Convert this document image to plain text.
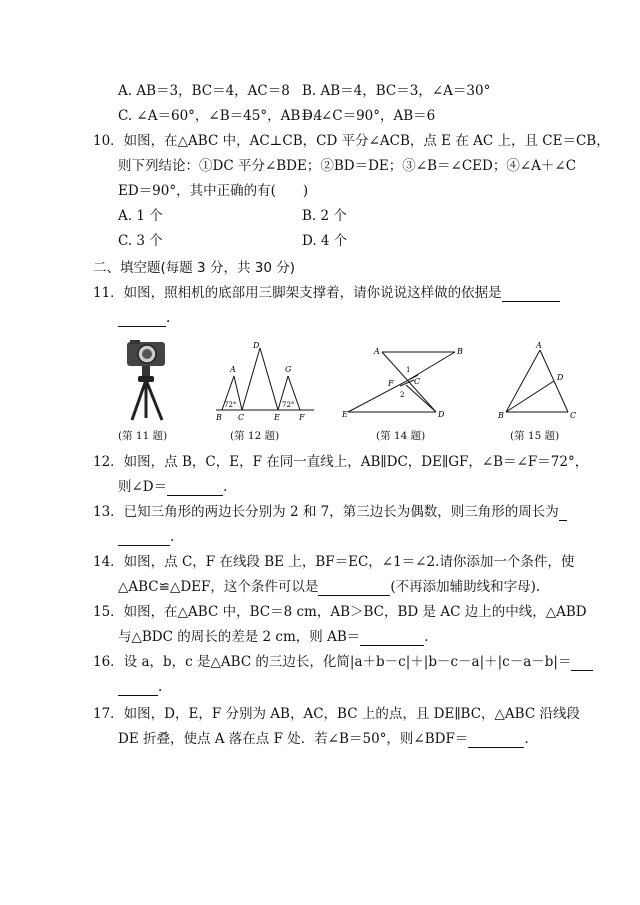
A. AB＝3，BC＝4，AC＝8 B. AB＝4，BC＝3，∠A＝30°
C. ∠A＝60°，∠B＝45°，AB＝4
D. ∠C＝90°，AB＝6
10．如图，在△ABC 中，AC⊥CB，CD 平分∠ACB，点 E 在 AC 上，且 CE＝CB，
则下列结论：①DC 平分∠BDE；②BD＝DE；③∠B＝∠CED；④∠A＋∠C
ED＝90°，其中正确的有(　　)
A. 1 个	B. 2 个
C. 3 个	D. 4 个
二、填空题(每题 3 分，共 30 分)
11．如图，照相机的底部用三脚架支撑着，请你说说这样做的依据是
.
(第 11 题)
D
A	G
B C	E F
72°	72°
(第 12 题)
A	B
1
C
F
2
E	D
(第 14 题)
A
D
B	C
(第 15 题)
12．如图，点 B，C，E，F 在同一直线上，AB∥DC，DE∥GF，∠B＝∠F＝72°，
则∠D＝	.
13．已知三角形的两边长分别为 2 和 7，第三边长为偶数，则三角形的周长为
.
14．如图，点 C，F 在线段 BE 上，BF＝EC，∠1＝∠2.请你添加一个条件，使
△ABC≌△DEF，这个条件可以是	(不再添加辅助线和字母).
15．如图，在△ABC 中，BC＝8 cm，AB＞BC，BD 是 AC 边上的中线，△ABD
与△BDC 的周长的差是 2 cm，则 AB＝	.
16．设 a，b，c 是△ABC 的三边长，化简|a＋b－c|＋|b－c－a|＋|c－a－b|＝
.
17．如图，D，E，F 分别为 AB，AC，BC 上的点，且 DE∥BC，△ABC 沿线段
DE 折叠，使点 A 落在点 F 处．若∠B＝50°，则∠BDF＝	.
